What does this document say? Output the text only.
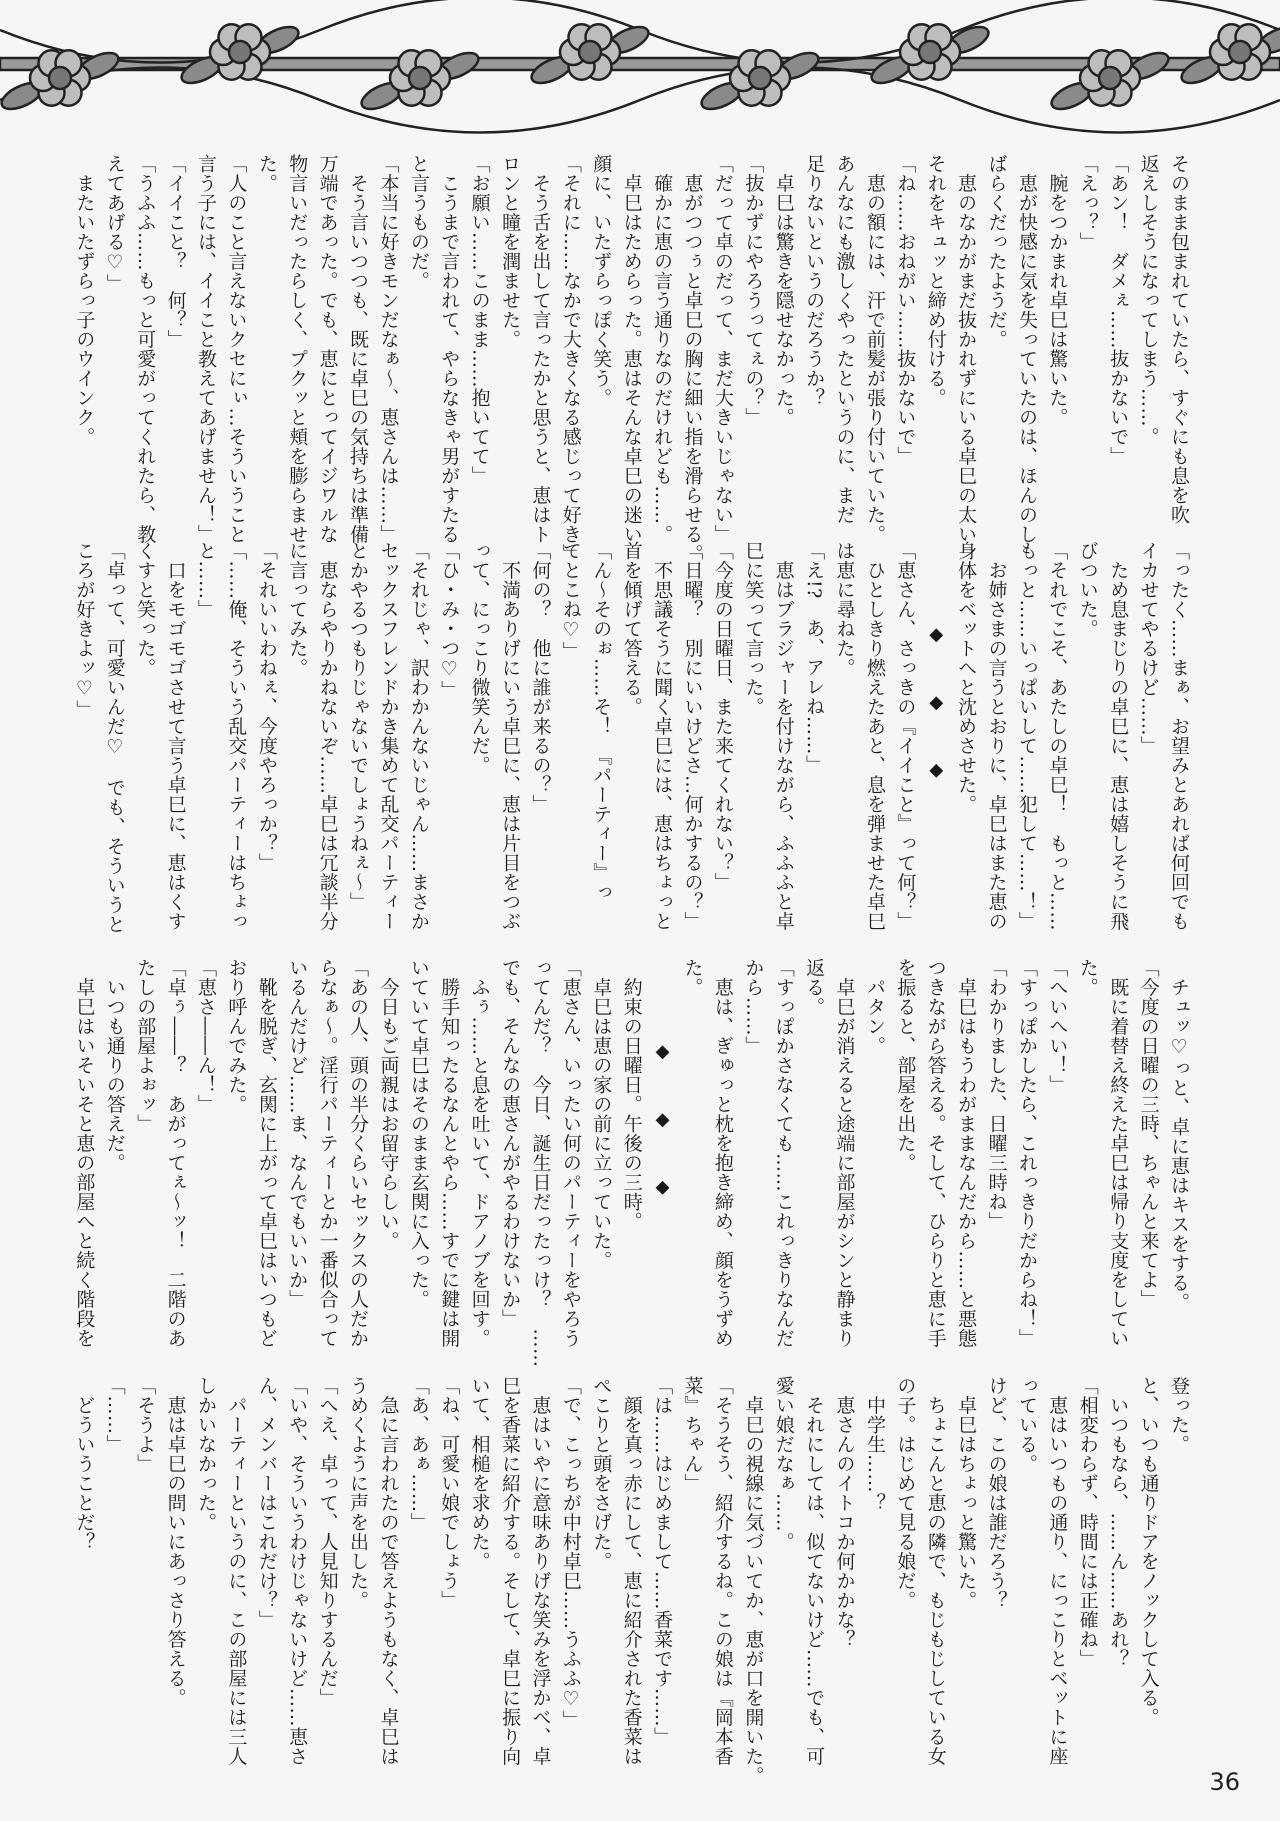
そのまま包まれていたら、すぐにも息を吹
返えしそうになってしまう……。
「あン！　ダメぇ……抜かないで」
「えっ？」
　腕をつかまれ卓巳は驚いた。
　恵が快感に気を失っていたのは、ほんのし
ばらくだったようだ。
　恵のなかがまだ抜かれずにいる卓巳の太い
それをキュッと締め付ける。
「ね……おねがい……抜かないで」
　恵の額には、汗で前髪が張り付いていた。
あんなにも激しくやったというのに、まだ
足りないというのだろうか？
　卓巳は驚きを隠せなかった。
「抜かずにやろうってぇの？」
「だって卓のだって、まだ大きいじゃない」
　恵がつつぅと卓巳の胸に細い指を滑らせる。
　確かに恵の言う通りなのだけれども……。
　卓巳はためらった。恵はそんな卓巳の迷い
顔に、いたずらっぽく笑う。
「それに……なかで大きくなる感じって好き」
　そう舌を出して言ったかと思うと、恵はト
ロンと瞳を潤ませた。
「お願い……このまま……抱いてて」
　こうまで言われて、やらなきゃ男がすたる
と言うものだ。
「本当に好きモンだなぁ～、恵さんは……」
　そう言いつつも、既に卓巳の気持ちは準備
万端であった。でも、恵にとってイジワルな
物言いだったらしく、プクッと頬を膨らませ
た。
「人のこと言えないクセにぃ…そういうこと
言う子には、イイこと教えてあげません！」
「イイこと？　何？」
「うふふ……もっと可愛がってくれたら、教
えてあげる♡」
　またいたずらっ子のウインク。
「ったく……まぁ、お望みとあれば何回でも
イカせてやるけど……」
　ため息まじりの卓巳に、恵は嬉しそうに飛
びついた。
「それでこそ、あたしの卓巳！　もっと……
もっと……いっぱいして……犯して……！」
　お姉さまの言うとおりに、卓巳はまた恵の
身体をベットへと沈めさせた。
◆◆◆
「恵さん、さっきの『イイこと』って何？」
　ひとしきり燃えたあと、息を弾ませた卓巳
は恵に尋ねた。
「え!?　あ、アレね……」
　恵はブラジャーを付けながら、ふふふと卓
巳に笑って言った。
「今度の日曜日、また来てくれない？」
「日曜？　別にいいけどさ…何かするの？」
　不思議そうに聞く卓巳には、恵はちょっと
首を傾げて答える。
「ん～そのぉ……そ！　『パーティー』っ
てとこね♡」
「何の？　他に誰が来るの？」
　不満ありげにいう卓巳に、恵は片目をつぶ
って、にっこり微笑んだ。
「ひ・み・つ♡」
「それじゃ、訳わかんないじゃん……まさか
セックスフレンドかき集めて乱交パーティー
とかやるつもりじゃないでしょうねぇ～」
　恵ならやりかねないぞ……卓巳は冗談半分
に言ってみた。
「それいいわねぇ、今度やろっか？」
「……俺、そういう乱交パーティーはちょっ
と……」
　口をモゴモゴさせて言う卓巳に、恵はくす
くすと笑った。
「卓って、可愛いんだ♡　でも、そういうと
ころが好きよッ♡」
　チュッ♡っと、卓に恵はキスをする。
「今度の日曜の三時、ちゃんと来てよ」
　既に着替え終えた卓巳は帰り支度をしてい
た。
「へいへい！」
「すっぽかしたら、これっきりだからね！」
「わかりました、日曜三時ね」
　卓巳はもうわがままなんだから……と悪態
つきながら答える。そして、ひらりと恵に手
を振ると、部屋を出た。
　パタン。
　卓巳が消えると途端に部屋がシンと静まり
返る。
「すっぽかさなくても……これっきりなんだ
から……」
　恵は、ぎゅっと枕を抱き締め、顔をうずめ
た。
◆◆◆
　約束の日曜日。午後の三時。
　卓巳は恵の家の前に立っていた。
「恵さん、いったい何のパーティーをやろう
ってんだ？　今日、誕生日だったっけ？　……
でも、そんなの恵さんがやるわけないか」
　ふぅ……と息を吐いて、ドアノブを回す。
　勝手知ったるなんとやら……すでに鍵は開
いていて卓巳はそのまま玄関に入った。
　今日もご両親はお留守らしい。
「あの人、頭の半分くらいセックスの人だか
らなぁ～。淫行パーティーとか一番似合って
いるんだけど……ま、なんでもいいか」
　靴を脱ぎ、玄関に上がって卓巳はいつもど
おり呼んでみた。
「恵さ――ん！」
「卓ぅ――？　あがってぇ～ッ！　二階のあ
たしの部屋よぉッ」
　いつも通りの答えだ。
　卓巳はいそいそと恵の部屋へと続く階段を
登った。
と、いつも通りドアをノックして入る。
　いつもなら、……ん……あれ？
「相変わらず、時間には正確ね」
　恵はいつもの通り、にっこりとベットに座
っている。
けど、この娘は誰だろう？
　卓巳はちょっと驚いた。
　ちょこんと恵の隣で、もじもじしている女
の子。はじめて見る娘だ。
　中学生……？
　恵さんのイトコか何かかな？
　それにしては、似てないけど……でも、可
愛い娘だなぁ……。
　卓巳の視線に気づいてか、恵が口を開いた。
「そうそう、紹介するね。この娘は『岡本香
菜』ちゃん」
「は……はじめまして……香菜です……」
　顔を真っ赤にして、恵に紹介された香菜は
ぺこりと頭をさげた。
「で、こっちが中村卓巳……うふふ♡」
　恵はいやに意味ありげな笑みを浮かべ、卓
巳を香菜に紹介する。そして、卓巳に振り向
いて、相槌を求めた。
「ね、可愛い娘でしょう」
「あ、あぁ……」
　急に言われたので答えようもなく、卓巳は
うめくように声を出した。
「へえ、卓って、人見知りするんだ」
「いや、そういうわけじゃないけど……恵さ
ん、メンバーはこれだけ？」
　パーティーというのに、この部屋には三人
しかいなかった。
　恵は卓巳の問いにあっさり答える。
「そうよ」
「……」
　どういうことだ？
36
